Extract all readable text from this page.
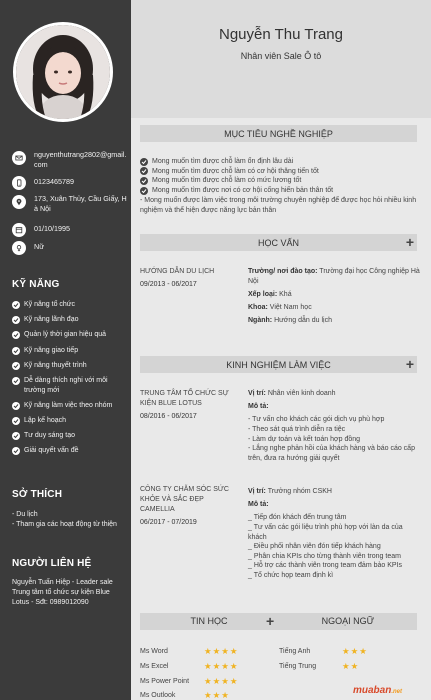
nguyenthutrang2802@gmail.com
0123465789
173, Xuân Thủy, Cầu Giấy, Hà Nội
01/10/1995
Nữ
KỸ NĂNG
Kỹ năng tổ chức
Kỹ năng lãnh đạo
Quản lý thời gian hiệu quả
Kỹ năng giao tiếp
Kỹ năng thuyết trình
Dễ dàng thích nghi với môi trường mới
Kỹ năng làm việc theo nhóm
Lập kế hoạch
Tư duy sáng tạo
Giải quyết vấn đề
SỞ THÍCH
- Du lịch
- Tham gia các hoạt động từ thiện
NGƯỜI LIÊN HỆ
Nguyễn Tuấn Hiệp - Leader sale Trung tâm tổ chức sự kiện Blue Lotus - Sđt: 0989012090
Nguyễn Thu Trang
Nhân viên Sale Ô tô
MỤC TIÊU NGHỀ NGHIỆP
Mong muốn tìm được chỗ làm ổn định lâu dài
Mong muốn tìm được chỗ làm có cơ hội thăng tiến tốt
Mong muốn tìm được chỗ làm có mức lương tốt
Mong muốn tìm được nơi có cơ hội cống hiến bản thân tốt

- Mong muốn được làm việc trong môi trường chuyên nghiệp để được học hỏi nhiều kinh nghiệm và thể hiện được năng lực bản thân

HỌC VẤN	+
HƯỚNG DẪN DU LỊCH
09/2013 - 06/2017
Trường/ nơi đào tạo: Trường đại học Công nghiệp Hà Nội
Xếp loại: Khá
Khoa: Việt Nam học
Ngành: Hướng dẫn du lịch
KINH NGHIỆM LÀM VIỆC	+
TRUNG TÂM TỔ CHỨC SỰ KIỆN BLUE LOTUS
08/2016 - 06/2017
Vị trí: Nhân viên kinh doanh
Mô tả:
- Tư vấn cho khách các gói dịch vụ phù hợp
- Theo sát quá trình diễn ra tiệc
- Làm dự toán và kết toán hợp đồng
- Lắng nghe phản hồi của khách hàng và báo cáo cấp trên, đưa ra hướng giải quyết
CÔNG TY CHĂM SÓC SỨC KHỎE VÀ SẮC ĐẸP CAMELLIA
06/2017 - 07/2019
Vị trí: Trưởng nhóm CSKH
Mô tả:
_ Tiếp đón khách đến trung tâm
_ Tư vấn các gói liệu trình phù hợp với làn da của khách
_ Điều phối nhân viên đón tiếp khách hàng
_ Phân chia KPIs cho từng thành viên trong team
_ Hỗ trợ các thành viên trong team đảm bảo KPIs
_ Tổ chức họp team định kì
TIN HỌC	+	NGOẠI NGỮ
Ms Word	★★★★
Ms Excel	★★★★
Ms Power Point ★★★★
Ms Outlook	★★★
Tiếng Anh	★★★
Tiếng Trung	★★
muaban.net
